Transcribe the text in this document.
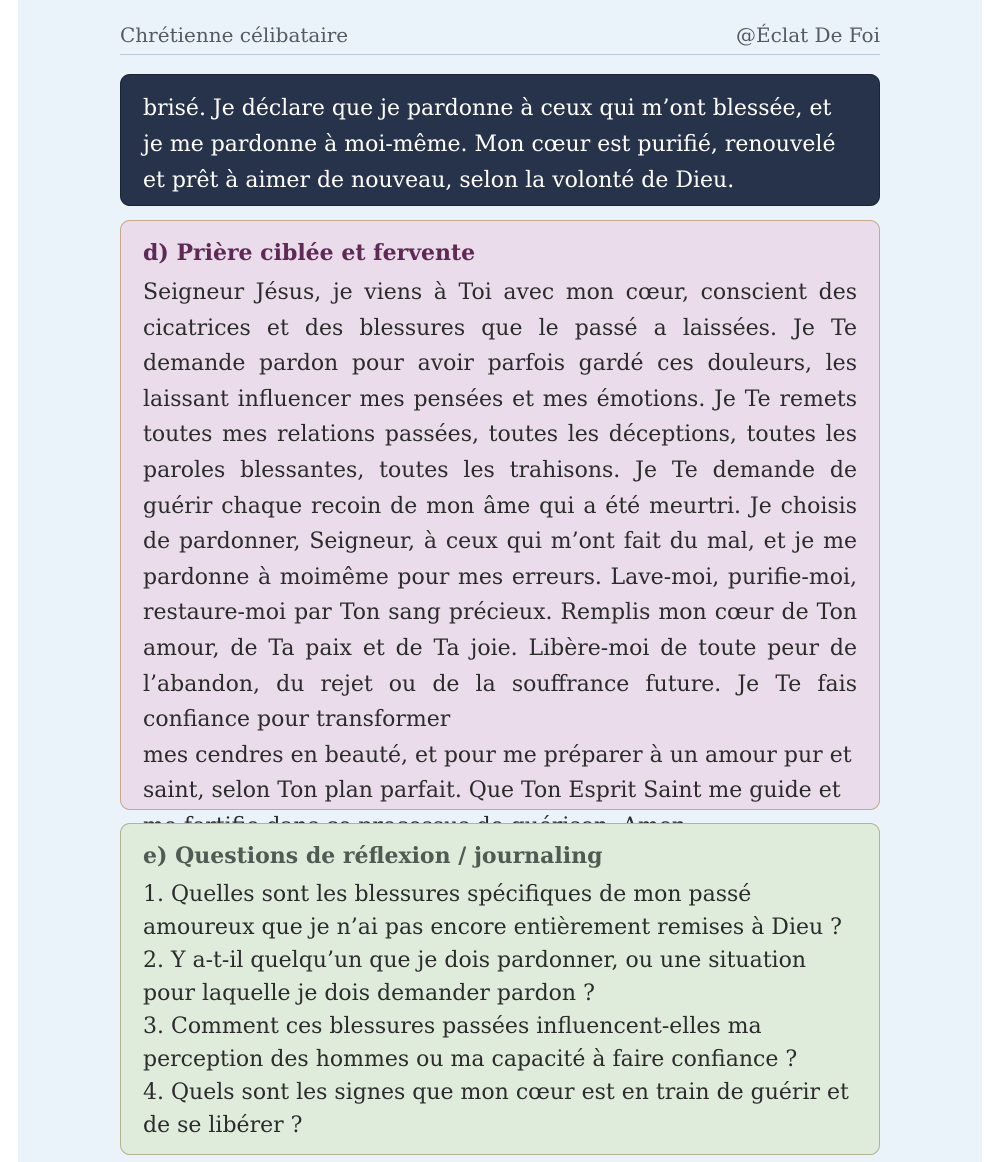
Chrétienne célibataire	@Éclat De Foi

brisé. Je déclare que je pardonne à ceux qui m’ont blessée, et je me pardonne à moi-même. Mon cœur est purifié, renouvelé et prêt à aimer de nouveau, selon la volonté de Dieu.

d) Prière ciblée et fervente

Seigneur Jésus, je viens à Toi avec mon cœur, conscient des cicatrices et des blessures que le passé a laissées. Je Te demande pardon pour avoir parfois gardé ces douleurs, les laissant influencer mes pensées et mes émotions. Je Te remets toutes mes relations passées, toutes les déceptions, toutes les paroles blessantes, toutes les trahisons. Je Te demande de guérir chaque recoin de mon âme qui a été meurtri. Je choisis de pardonner, Seigneur, à ceux qui m’ont fait du mal, et je me pardonne à moimême pour mes erreurs. Lave-moi, purifie-moi, restaure-moi par Ton sang précieux. Remplis mon cœur de Ton amour, de Ta paix et de Ta joie. Libère-moi de toute peur de l’abandon, du rejet ou de la souffrance future. Je Te fais confiance pour transformer

mes cendres en beauté, et pour me préparer à un amour pur et saint, selon Ton plan parfait. Que Ton Esprit Saint me guide et

e) Questions de réflexion / journaling
1. Quelles sont les blessures spécifiques de mon passé amoureux que je n’ai pas encore entièrement remises à Dieu ?
2. Y a-t-il quelqu’un que je dois pardonner, ou une situation pour laquelle je dois demander pardon ?
3. Comment ces blessures passées influencent-elles ma perception des hommes ou ma capacité à faire confiance ?
4. Quels sont les signes que mon cœur est en train de guérir et de se libérer ?
